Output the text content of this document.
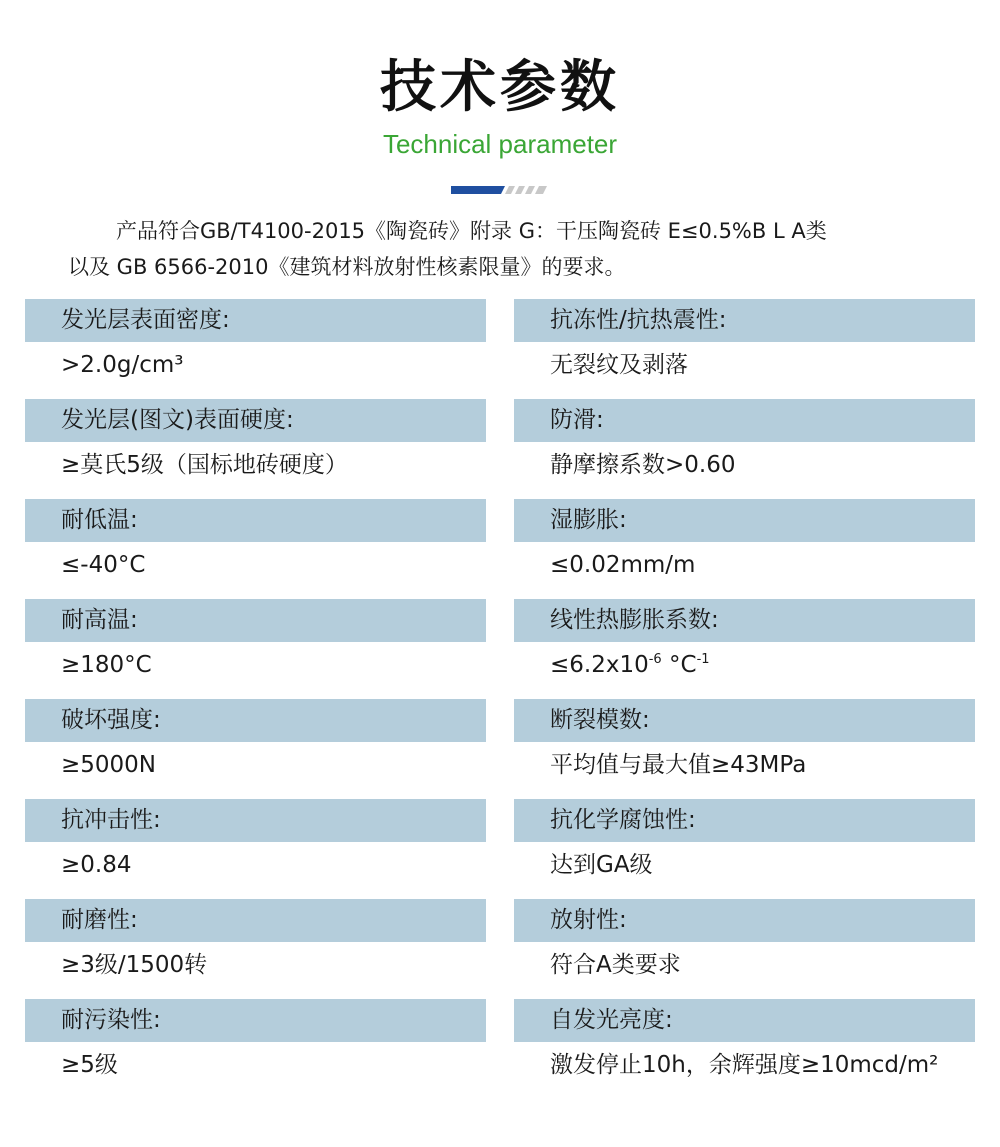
技术参数
Technical parameter

产品符合GB/T4100-2015《陶瓷砖》附录 G：干压陶瓷砖 E≤0.5%B L A类

以及 GB 6566-2010《建筑材料放射性核素限量》的要求。

发光层表面密度:
>2.0g/cm³
发光层(图文)表面硬度:
≥莫氏5级（国标地砖硬度）
耐低温:
≤-40°C
耐高温:
≥180°C
破坏强度:
≥5000N
抗冲击性:
≥0.84
耐磨性:
≥3级/1500转
耐污染性:
≥5级
抗冻性/抗热震性:
无裂纹及剥落
防滑:
静摩擦系数>0.60
湿膨胀:
≤0.02mm/m
线性热膨胀系数:
$\le 6.2x10^{-6}$ $^\circ C^{-1}$
断裂模数:
平均值与最大值≥43MPa
抗化学腐蚀性:
达到GA级
放射性:
符合A类要求
自发光亮度:
激发停止10h，余辉强度≥10mcd/m²
